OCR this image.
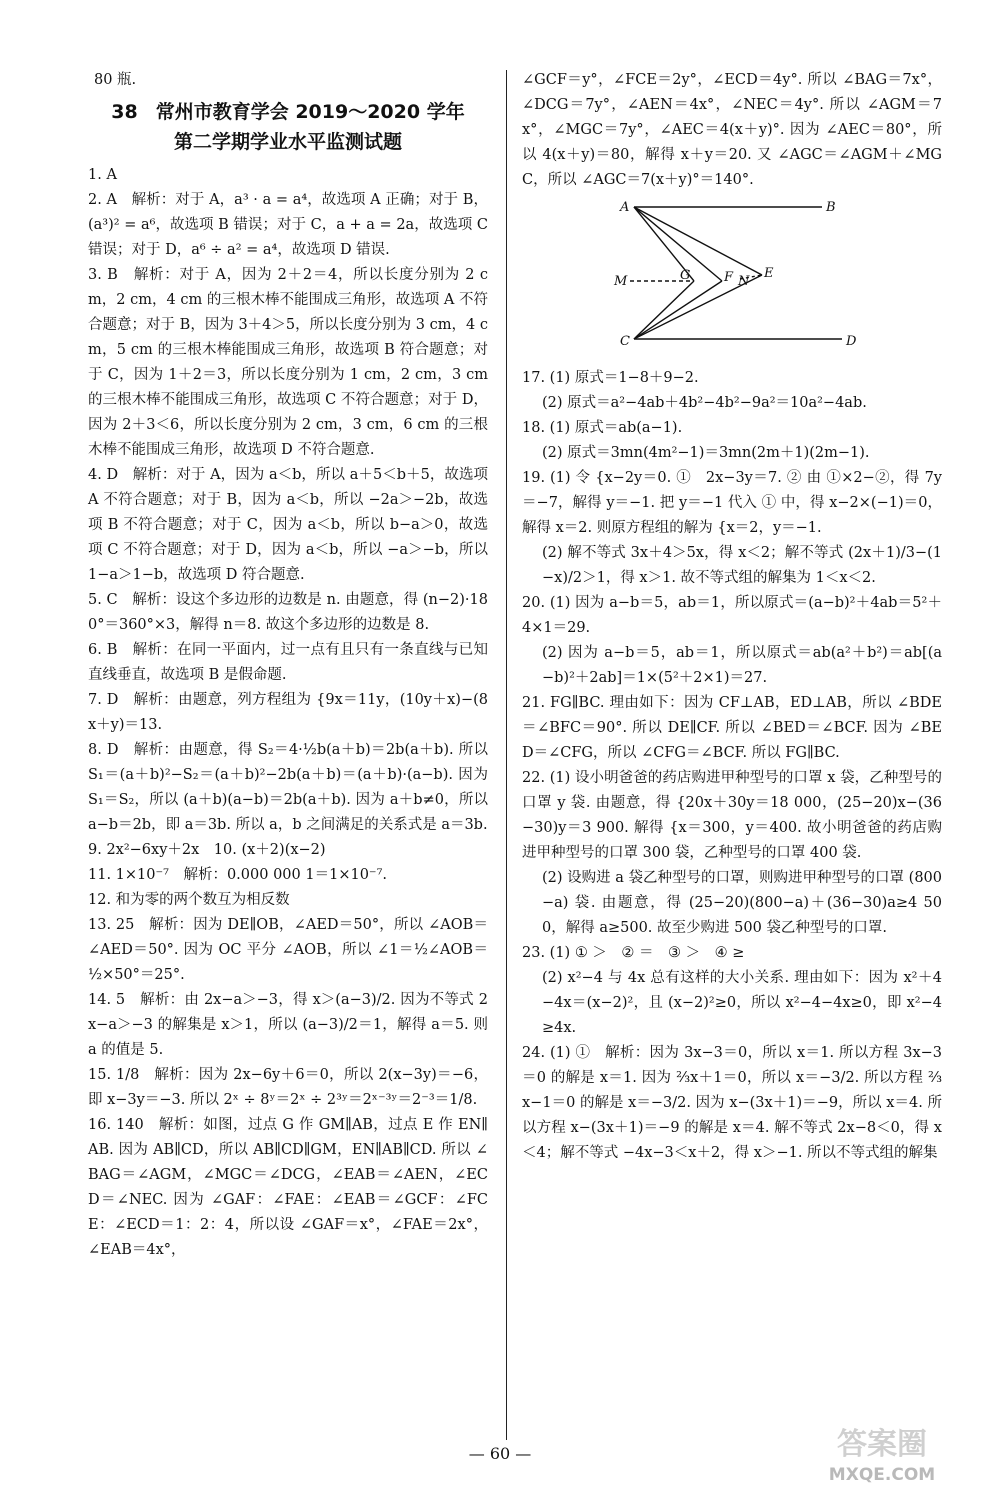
80 瓶.

38 常州市教育学会 2019～2020 学年
第二学期学业水平监测试题

1. A

2. A　解析：对于 A，a³ · a = a⁴，故选项 A 正确；对于 B，(a³)² = a⁶，故选项 B 错误；对于 C，a + a = 2a，故选项 C 错误；对于 D，a⁶ ÷ a² = a⁴，故选项 D 错误.

3. B　解析：对于 A，因为 2＋2＝4，所以长度分别为 2 cm，2 cm，4 cm 的三根木棒不能围成三角形，故选项 A 不符合题意；对于 B，因为 3＋4＞5，所以长度分别为 3 cm，4 cm，5 cm 的三根木棒能围成三角形，故选项 B 符合题意；对于 C，因为 1＋2＝3，所以长度分别为 1 cm，2 cm，3 cm 的三根木棒不能围成三角形，故选项 C 不符合题意；对于 D，因为 2＋3＜6，所以长度分别为 2 cm，3 cm，6 cm 的三根木棒不能围成三角形，故选项 D 不符合题意.

4. D　解析：对于 A，因为 a＜b，所以 a＋5＜b＋5，故选项 A 不符合题意；对于 B，因为 a＜b，所以 −2a＞−2b，故选项 B 不符合题意；对于 C，因为 a＜b，所以 b−a＞0，故选项 C 不符合题意；对于 D，因为 a＜b，所以 −a＞−b，所以 1−a＞1−b，故选项 D 符合题意.

5. C　解析：设这个多边形的边数是 n. 由题意，得 (n−2)·180°＝360°×3，解得 n＝8. 故这个多边形的边数是 8.

6. B　解析：在同一平面内，过一点有且只有一条直线与已知直线垂直，故选项 B 是假命题.

7. D　解析：由题意，列方程组为 {9x＝11y，(10y＋x)−(8x＋y)＝13.

8. D　解析：由题意，得 S₂＝4·½b(a＋b)＝2b(a＋b). 所以 S₁＝(a＋b)²−S₂＝(a＋b)²−2b(a＋b)＝(a＋b)·(a−b). 因为 S₁＝S₂，所以 (a＋b)(a−b)＝2b(a＋b). 因为 a＋b≠0，所以 a−b＝2b，即 a＝3b. 所以 a，b 之间满足的关系式是 a＝3b.

9. 2x²−6xy＋2x　10. (x＋2)(x−2)

11. 1×10⁻⁷　解析：0.000 000 1＝1×10⁻⁷.

12. 和为零的两个数互为相反数

13. 25　解析：因为 DE∥OB，∠AED＝50°，所以 ∠AOB＝∠AED＝50°. 因为 OC 平分 ∠AOB，所以 ∠1＝½∠AOB＝½×50°＝25°.

14. 5　解析：由 2x−a＞−3，得 x＞(a−3)/2. 因为不等式 2x−a＞−3 的解集是 x＞1，所以 (a−3)/2＝1，解得 a＝5. 则 a 的值是 5.

15. 1/8　解析：因为 2x−6y＋6＝0，所以 2(x−3y)＝−6，即 x−3y＝−3. 所以 2ˣ ÷ 8ʸ＝2ˣ ÷ 2³ʸ＝2ˣ⁻³ʸ＝2⁻³＝1/8.

16. 140　解析：如图，过点 G 作 GM∥AB，过点 E 作 EN∥AB. 因为 AB∥CD，所以 AB∥CD∥GM，EN∥AB∥CD. 所以 ∠BAG＝∠AGM，∠MGC＝∠DCG，∠EAB＝∠AEN，∠ECD＝∠NEC. 因为 ∠GAF：∠FAE：∠EAB＝∠GCF：∠FCE：∠ECD＝1：2：4，所以设 ∠GAF＝x°，∠FAE＝2x°，∠EAB＝4x°，

∠GCF＝y°，∠FCE＝2y°，∠ECD＝4y°. 所以 ∠BAG＝7x°，∠DCG＝7y°，∠AEN＝4x°，∠NEC＝4y°. 所以 ∠AGM＝7x°，∠MGC＝7y°，∠AEC＝4(x＋y)°. 因为 ∠AEC＝80°，所以 4(x＋y)＝80，解得 x＋y＝20. 又 ∠AGC＝∠AGM＋∠MGC，所以 ∠AGC＝7(x＋y)°＝140°.

A	B
C	D
E
F
G
M	N

17. (1) 原式＝1−8＋9−2.

(2) 原式＝a²−4ab＋4b²−4b²−9a²＝10a²−4ab.

18. (1) 原式＝ab(a−1).

(2) 原式＝3mn(4m²−1)＝3mn(2m＋1)(2m−1).

19. (1) 令 {x−2y＝0. ①　2x−3y＝7. ② 由 ①×2−②，得 7y＝−7，解得 y＝−1. 把 y＝−1 代入 ① 中，得 x−2×(−1)＝0，解得 x＝2. 则原方程组的解为 {x＝2，y＝−1.

(2) 解不等式 3x＋4＞5x，得 x＜2；解不等式 (2x＋1)/3−(1−x)/2＞1，得 x＞1. 故不等式组的解集为 1＜x＜2.

20. (1) 因为 a−b＝5，ab＝1，所以原式＝(a−b)²＋4ab＝5²＋4×1＝29.

(2) 因为 a−b＝5，ab＝1，所以原式＝ab(a²＋b²)＝ab[(a−b)²＋2ab]＝1×(5²＋2×1)＝27.

21. FG∥BC. 理由如下：因为 CF⊥AB，ED⊥AB，所以 ∠BDE＝∠BFC＝90°. 所以 DE∥CF. 所以 ∠BED＝∠BCF. 因为 ∠BED＝∠CFG，所以 ∠CFG＝∠BCF. 所以 FG∥BC.

22. (1) 设小明爸爸的药店购进甲种型号的口罩 x 袋，乙种型号的口罩 y 袋. 由题意，得 {20x＋30y＝18 000，(25−20)x−(36−30)y＝3 900. 解得 {x＝300，y＝400. 故小明爸爸的药店购进甲种型号的口罩 300 袋，乙种型号的口罩 400 袋.

(2) 设购进 a 袋乙种型号的口罩，则购进甲种型号的口罩 (800−a) 袋. 由题意，得 (25−20)(800−a)＋(36−30)a≥4 500，解得 a≥500. 故至少购进 500 袋乙种型号的口罩.

23. (1) ① ＞　② ＝　③ ＞　④ ≥

(2) x²−4 与 4x 总有这样的大小关系. 理由如下：因为 x²＋4−4x＝(x−2)²，且 (x−2)²≥0，所以 x²−4−4x≥0，即 x²−4≥4x.

24. (1) ①　解析：因为 3x−3＝0，所以 x＝1. 所以方程 3x−3＝0 的解是 x＝1. 因为 ⅔x＋1＝0，所以 x＝−3/2. 所以方程 ⅔x−1＝0 的解是 x＝−3/2. 因为 x−(3x＋1)＝−9，所以 x＝4. 所以方程 x−(3x＋1)＝−9 的解是 x＝4. 解不等式 2x−8＜0，得 x＜4；解不等式 −4x−3＜x＋2，得 x＞−1. 所以不等式组的解集

— 60 —	答案圈
MXQE.COM
